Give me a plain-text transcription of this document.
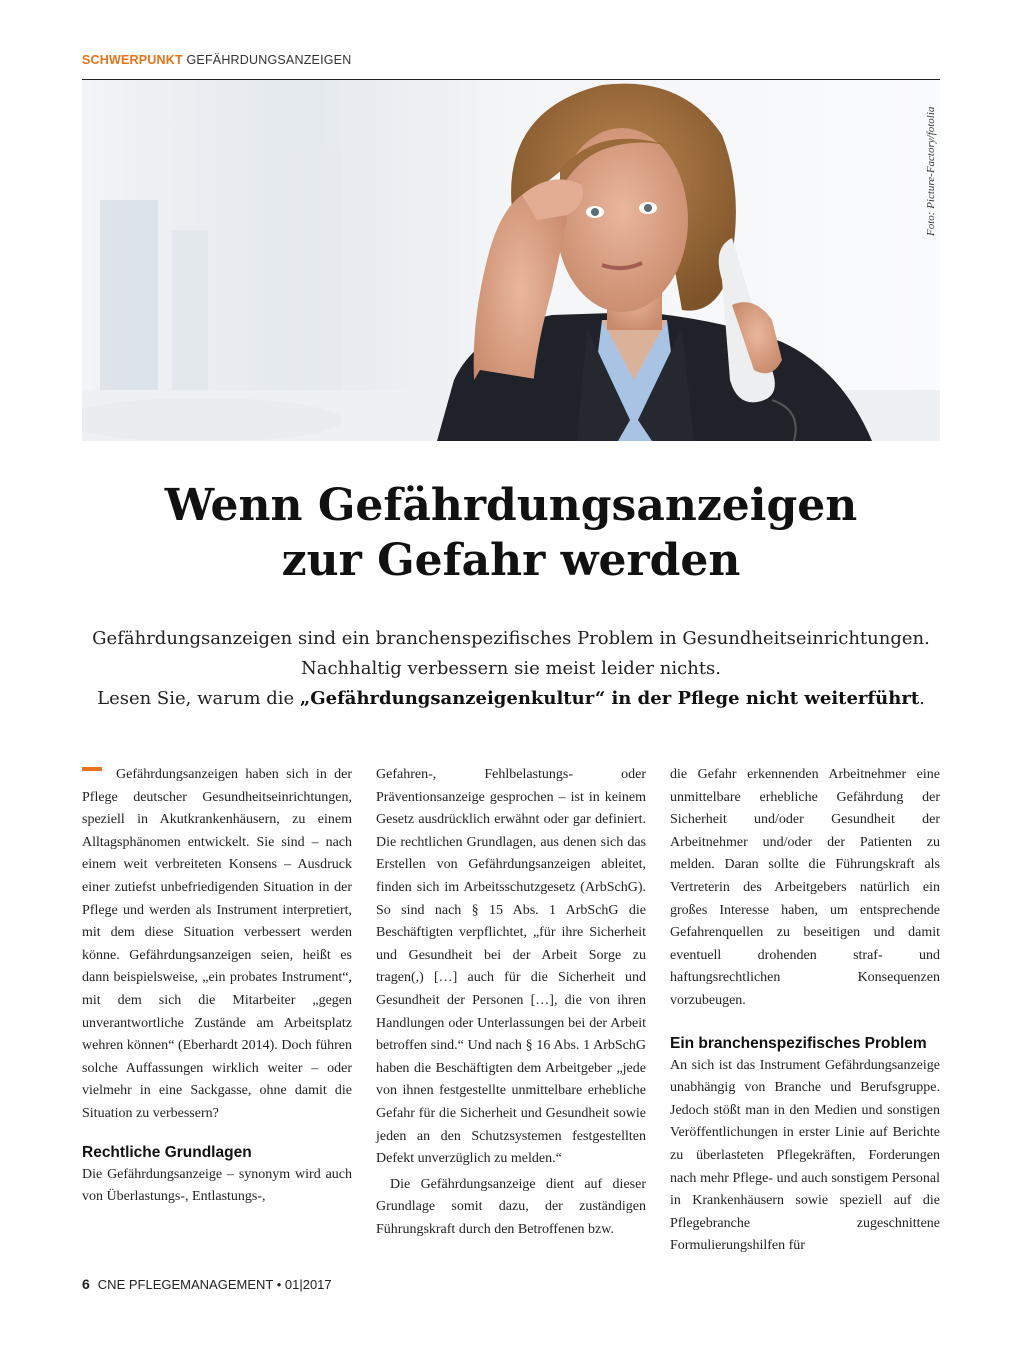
SCHWERPUNKT GEFÄHRDUNGSANZEIGEN
Foto: Picture-Factory/fotolia
Wenn Gefährdungsanzeigen
zur Gefahr werden
Gefährdungsanzeigen sind ein branchenspezifisches Problem in Gesundheitseinrichtungen.
Nachhaltig verbessern sie meist leider nichts.
Lesen Sie, warum die „Gefährdungsanzeigenkultur“ in der Pflege nicht weiterführt.

Gefährdungsanzeigen haben sich in der Pflege deutscher Gesundheitseinrichtungen, speziell in Akutkrankenhäusern, zu einem Alltagsphänomen entwickelt. Sie sind – nach einem weit verbreiteten Konsens – Ausdruck einer zutiefst unbefriedigenden Situation in der Pflege und werden als Instrument interpretiert, mit dem diese Situation verbessert werden könne. Gefährdungsanzeigen seien, heißt es dann beispielsweise, „ein probates Instrument“, mit dem sich die Mitarbeiter „gegen unverantwortliche Zustände am Arbeitsplatz wehren können“ (Eberhardt 2014). Doch führen solche Auffassungen wirklich weiter – oder vielmehr in eine Sackgasse, ohne damit die Situation zu verbessern?

Rechtliche Grundlagen

Die Gefährdungsanzeige – synonym wird auch von Überlastungs-, Entlastungs-,

Gefahren-, Fehlbelastungs- oder Präventionsanzeige gesprochen – ist in keinem Gesetz ausdrücklich erwähnt oder gar definiert. Die rechtlichen Grundlagen, aus denen sich das Erstellen von Gefährdungsanzeigen ableitet, finden sich im Arbeitsschutzgesetz (ArbSchG). So sind nach § 15 Abs. 1 ArbSchG die Beschäftigten verpflichtet, „für ihre Sicherheit und Gesundheit bei der Arbeit Sorge zu tragen(,) […] auch für die Sicherheit und Gesundheit der Personen […], die von ihren Handlungen oder Unterlassungen bei der Arbeit betroffen sind.“ Und nach § 16 Abs. 1 ArbSchG haben die Beschäftigten dem Arbeitgeber „jede von ihnen festgestellte unmittelbare erhebliche Gefahr für die Sicherheit und Gesundheit sowie jeden an den Schutzsystemen festgestellten Defekt unverzüglich zu melden.“

Die Gefährdungsanzeige dient auf dieser Grundlage somit dazu, der zuständigen Führungskraft durch den Betroffenen bzw.

die Gefahr erkennenden Arbeitnehmer eine unmittelbare erhebliche Gefährdung der Sicherheit und/oder Gesundheit der Arbeitnehmer und/oder der Patienten zu melden. Daran sollte die Führungskraft als Vertreterin des Arbeitgebers natürlich ein großes Interesse haben, um entsprechende Gefahrenquellen zu beseitigen und damit eventuell drohenden straf- und haftungsrechtlichen Konsequenzen vorzubeugen.

Ein branchenspezifisches Problem

An sich ist das Instrument Gefährdungsanzeige unabhängig von Branche und Berufsgruppe. Jedoch stößt man in den Medien und sonstigen Veröffentlichungen in erster Linie auf Berichte zu überlasteten Pflegekräften, Forderungen nach mehr Pflege- und auch sonstigem Personal in Krankenhäusern sowie speziell auf die Pflegebranche zugeschnittene Formulierungshilfen für

6 CNE PFLEGEMANAGEMENT • 01|2017
